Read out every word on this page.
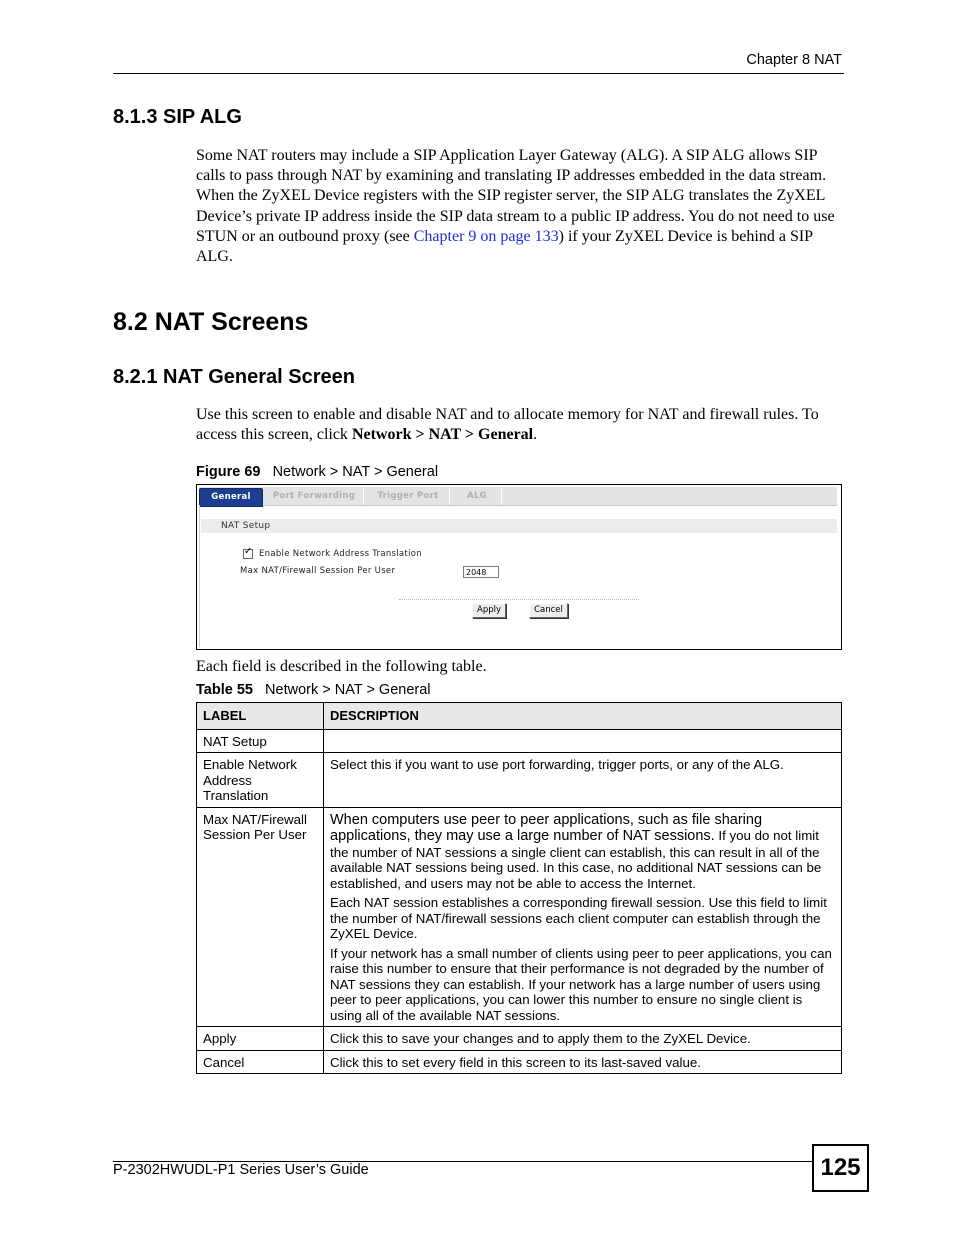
Chapter 8 NAT
8.1.3 SIP ALG
Some NAT routers may include a SIP Application Layer Gateway (ALG). A SIP ALG allows SIP calls to pass through NAT by examining and translating IP addresses embedded in the data stream. When the ZyXEL Device registers with the SIP register server, the SIP ALG translates the ZyXEL Device’s private IP address inside the SIP data stream to a public IP address. You do not need to use STUN or an outbound proxy (see Chapter 9 on page 133) if your ZyXEL Device is behind a SIP ALG.
8.2 NAT Screens
8.2.1 NAT General Screen
Use this screen to enable and disable NAT and to allocate memory for NAT and firewall rules. To access this screen, click Network > NAT > General.
Figure 69 Network > NAT > General
General	Port Forwarding	Trigger Port	ALG
NAT Setup
✓ Enable Network Address Translation
Max NAT/Firewall Session Per User	2048
Apply	Cancel
Each field is described in the following table.
Table 55 Network > NAT > General
LABEL	DESCRIPTION
NAT Setup	
Enable Network Address Translation	Select this if you want to use port forwarding, trigger ports, or any of the ALG.

Max NAT/Firewall Session Per User	When computers use peer to peer applications, such as file sharing applications, they may use a large number of NAT sessions. If you do not limit the number of NAT sessions a single client can establish, this can result in all of the available NAT sessions being used. In this case, no additional NAT sessions can be established, and users may not be able to access the Internet.

Each NAT session establishes a corresponding firewall session. Use this field to limit the number of NAT/firewall sessions each client computer can establish through the ZyXEL Device.

If your network has a small number of clients using peer to peer applications, you can raise this number to ensure that their performance is not degraded by the number of NAT sessions they can establish. If your network has a large number of users using peer to peer applications, you can lower this number to ensure no single client is using all of the available NAT sessions.

Apply	Click this to save your changes and to apply them to the ZyXEL Device.

Cancel	Click this to set every field in this screen to its last-saved value.

P-2302HWUDL-P1 Series User’s Guide	125
